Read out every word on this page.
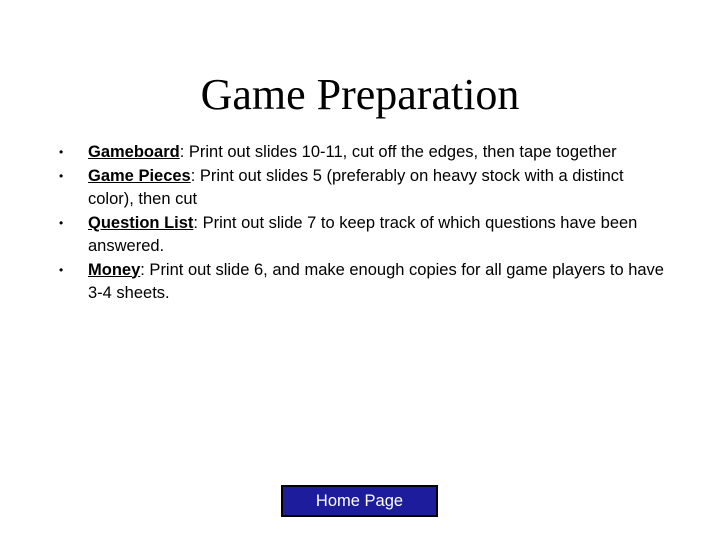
Game Preparation
• Gameboard: Print out slides 10-11, cut off the edges, then tape together
• Game Pieces: Print out slides 5 (preferably on heavy stock with a distinct color), then cut
• Question List: Print out slide 7 to keep track of which questions have been answered.
• Money: Print out slide 6, and make enough copies for all game players to have 3-4 sheets.
Home Page
